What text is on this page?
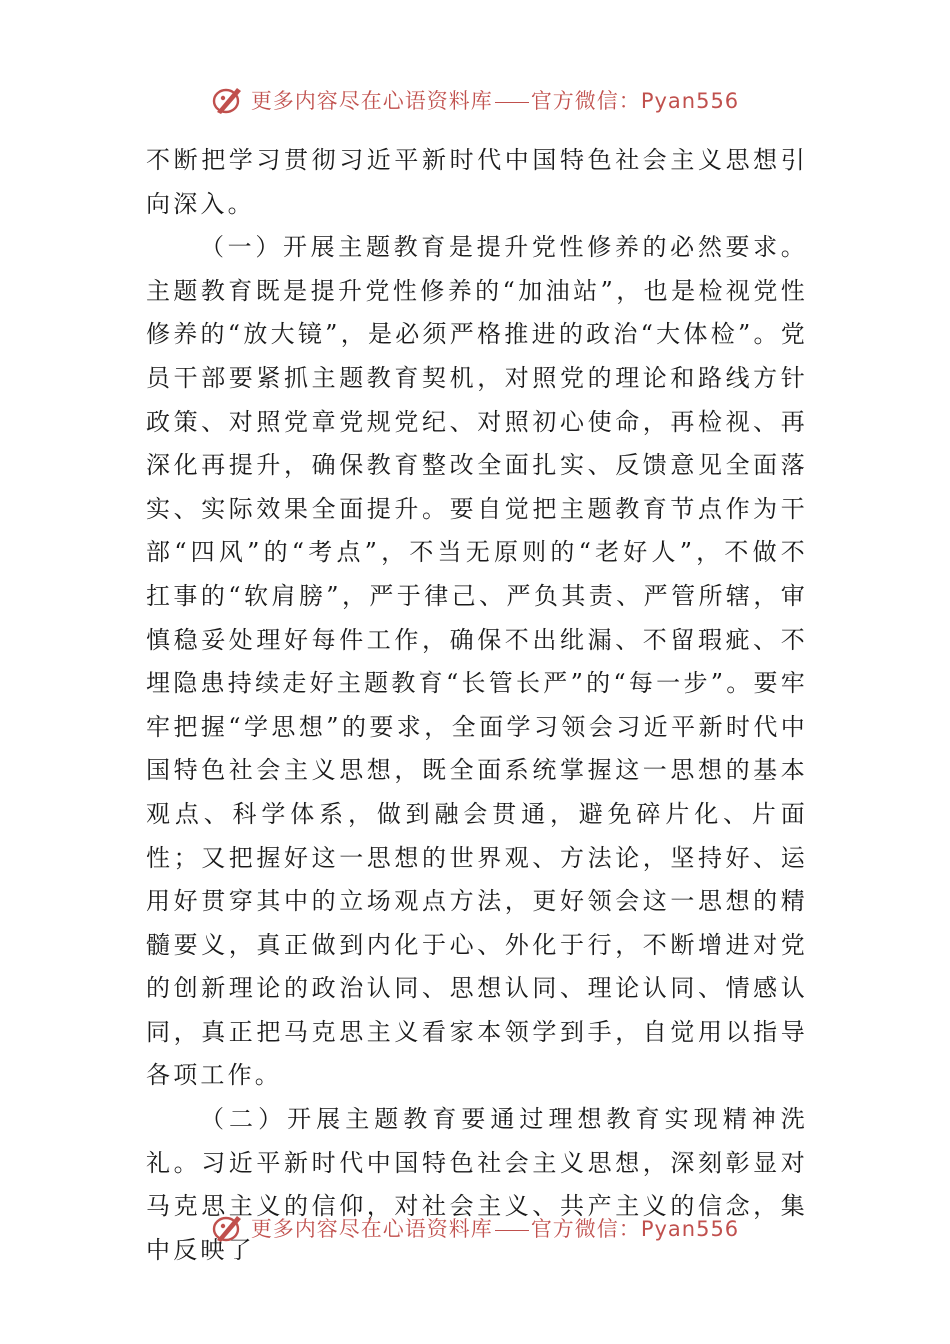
更多内容尽在心语资料库 官方微信：Pyan556

不断把学习贯彻习近平新时代中国特色社会主义思想引向深入。

（一）开展主题教育是提升党性修养的必然要求。主题教育既是提升党性修养的“加油站”，也是检视党性修养的“放大镜”，是必须严格推进的政治“大体检”。党员干部要紧抓主题教育契机，对照党的理论和路线方针政策、对照党章党规党纪、对照初心使命，再检视、再深化再提升，确保教育整改全面扎实、反馈意见全面落实、实际效果全面提升。要自觉把主题教育节点作为干部“四风”的“考点”，不当无原则的“老好人”，不做不扛事的“软肩膀”，严于律己、严负其责、严管所辖，审慎稳妥处理好每件工作，确保不出纰漏、不留瑕疵、不埋隐患持续走好主题教育“长管长严”的“每一步”。要牢牢把握“学思想”的要求，全面学习领会习近平新时代中国特色社会主义思想，既全面系统掌握这一思想的基本观点、科学体系，做到融会贯通，避免碎片化、片面性；又把握好这一思想的世界观、方法论，坚持好、运用好贯穿其中的立场观点方法，更好领会这一思想的精髓要义，真正做到内化于心、外化于行，不断增进对党的创新理论的政治认同、思想认同、理论认同、情感认同，真正把马克思主义看家本领学到手，自觉用以指导各项工作。

（二）开展主题教育要通过理想教育实现精神洗礼。习近平新时代中国特色社会主义思想，深刻彰显对马克思主义的信仰，对社会主义、共产主义的信念，集中反映了

更多内容尽在心语资料库 官方微信：Pyan556
